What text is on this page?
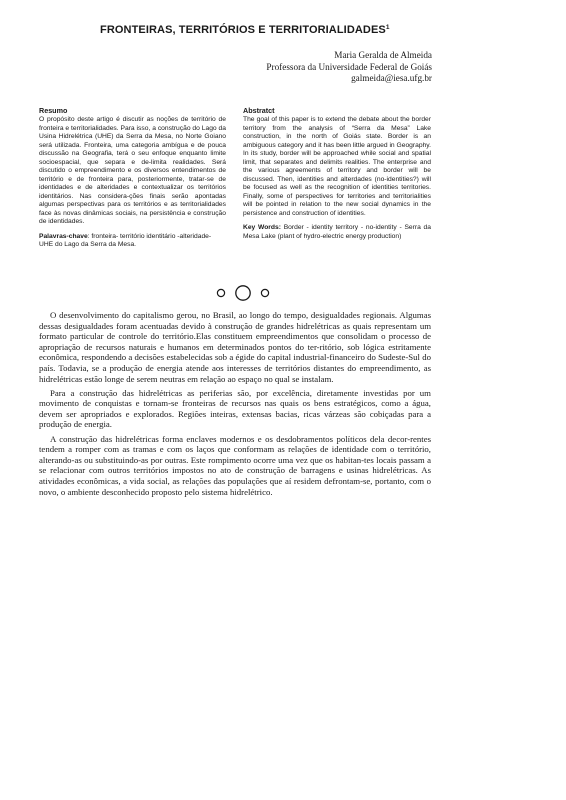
FRONTEIRAS, TERRITÓRIOS E TERRITORIALIDADES$^1$
Maria Geralda de Almeida
Professora da Universidade Federal de Goiás
galmeida@iesa.ufg.br
Resumo

O propósito deste artigo é discutir as noções de território de fronteira e territorialidades. Para isso, a construção do Lago da Usina Hidrelétrica (UHE) da Serra da Mesa, no Norte Goiano será utilizada. Fronteira, uma categoria ambígua e de pouca discussão na Geografia, terá o seu enfoque enquanto limite socioespacial, que separa e de-limita realidades. Será discutido o empreendimento e os diversos entendimentos de território e de fronteira para, posteriormente, tratar-se de identidades e de alteridades e contextualizar os territórios identitários. Nas considera-ções finais serão apontadas algumas perspectivas para os territórios e as territorialidades face às novas dinâmicas sociais, na persistência e construção de identidades.

Palavras-chave: fronteira- território identitário -alteridade- UHE do Lago da Serra da Mesa.

Abstratct

The goal of this paper is to extend the debate about the border territory from the analysis of “Serra da Mesa” Lake construction, in the north of Goiás state. Border is an ambiguous category and it has been little argued in Geography. In its study, border will be approached while social and spatial limit, that separates and delimits realities. The enterprise and the various agreements of territory and border will be discussed. Then, identities and alterdades (no-identities?) will be focused as well as the recognition of identities territories. Finally, some of perspectives for territories and territorialities will be pointed in relation to the new social dynamics in the persistence and construction of identities.

Key Words: Border - identity territory - no-identity - Serra da Mesa Lake (plant of hydro-electric energy production)

O desenvolvimento do capitalismo gerou, no Brasil, ao longo do tempo, desigualdades regionais. Algumas dessas desigualdades foram acentuadas devido à construção de grandes hidrelétricas as quais representam um formato particular de controle do território.Elas constituem empreendimentos que consolidam o processo de apropriação de recursos naturais e humanos em determinados pontos do ter-ritório, sob lógica estritamente econômica, respondendo a decisões estabelecidas sob a égide do capital industrial-financeiro do Sudeste-Sul do país. Todavia, se a produção de energia atende aos interesses de territórios distantes do empreendimento, as hidrelétricas estão longe de serem neutras em relação ao espaço no qual se instalam.

Para a construção das hidrelétricas as periferias são, por excelência, diretamente investidas por um movimento de conquistas e tornam-se fronteiras de recursos nas quais os bens estratégicos, como a água, devem ser apropriados e explorados. Regiões inteiras, extensas bacias, ricas várzeas são cobiçadas para a produção de energia.

A construção das hidrelétricas forma enclaves modernos e os desdobramentos políticos dela decor-rentes tendem a romper com as tramas e com os laços que conformam as relações de identidade com o território, alterando-as ou substituindo-as por outras. Este rompimento ocorre uma vez que os habitan-tes locais passam a se relacionar com outros territórios impostos no ato de construção de barragens e usinas hidrelétricas. As atividades econômicas, a vida social, as relações das populações que aí residem defrontam-se, portanto, com o novo, o ambiente desconhecido proposto pelo sistema hidrelétrico.
